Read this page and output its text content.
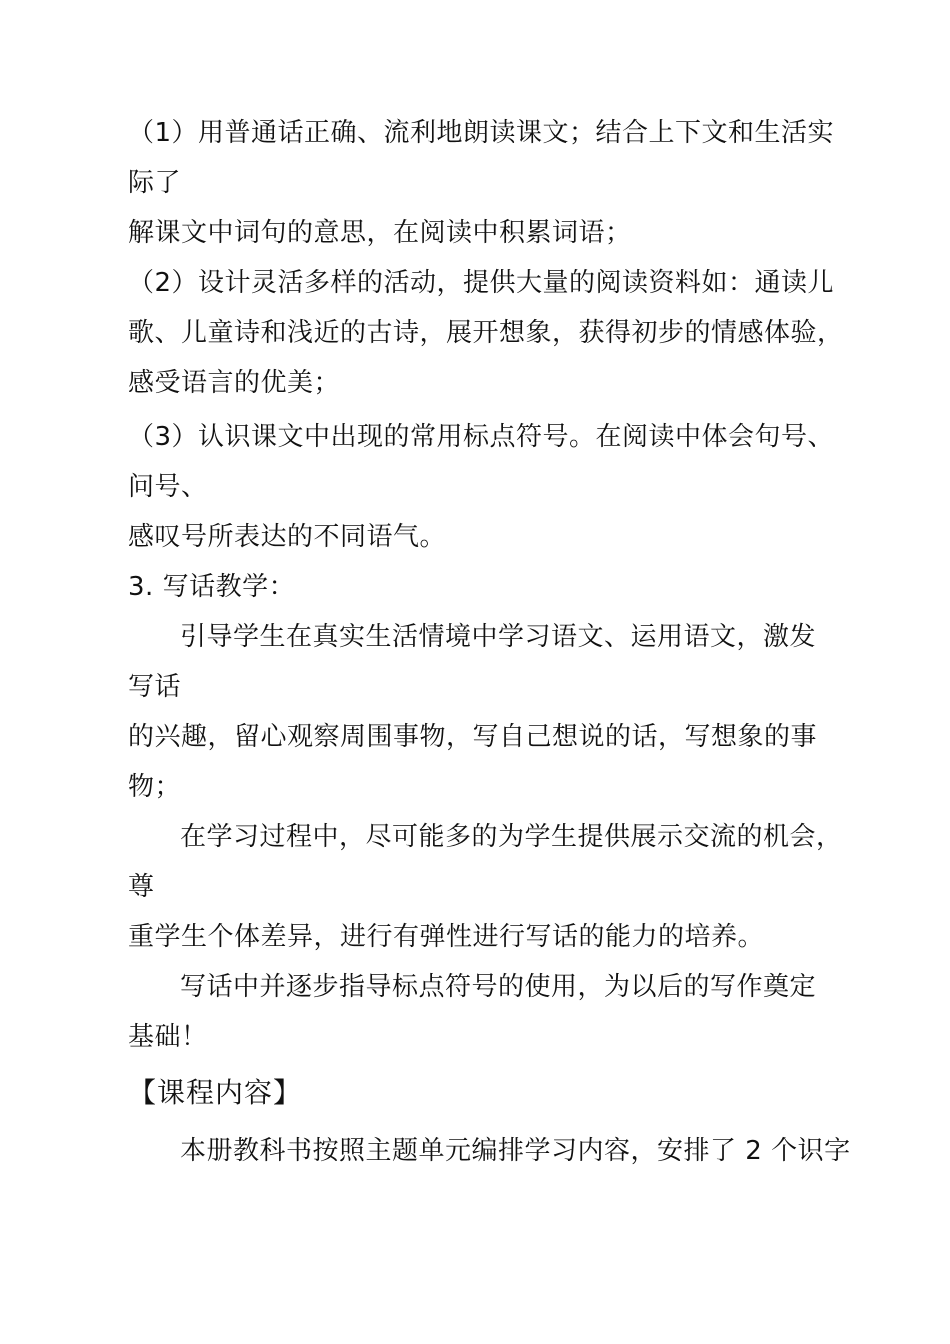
（1）用普通话正确、流利地朗读课文；结合上下文和生活实
际了
解课文中词句的意思，在阅读中积累词语；
（2）设计灵活多样的活动，提供大量的阅读资料如：通读儿
歌、儿童诗和浅近的古诗，展开想象，获得初步的情感体验，
感受语言的优美；
（3）认识课文中出现的常用标点符号。在阅读中体会句号、
问号、
感叹号所表达的不同语气。
3. 写话教学：
引导学生在真实生活情境中学习语文、运用语文，激发
写话
的兴趣，留心观察周围事物，写自己想说的话，写想象的事
物；
在学习过程中，尽可能多的为学生提供展示交流的机会，
尊
重学生个体差异，进行有弹性进行写话的能力的培养。
写话中并逐步指导标点符号的使用，为以后的写作奠定
基础！
【课程内容】
本册教科书按照主题单元编排学习内容，安排了 2 个识字
